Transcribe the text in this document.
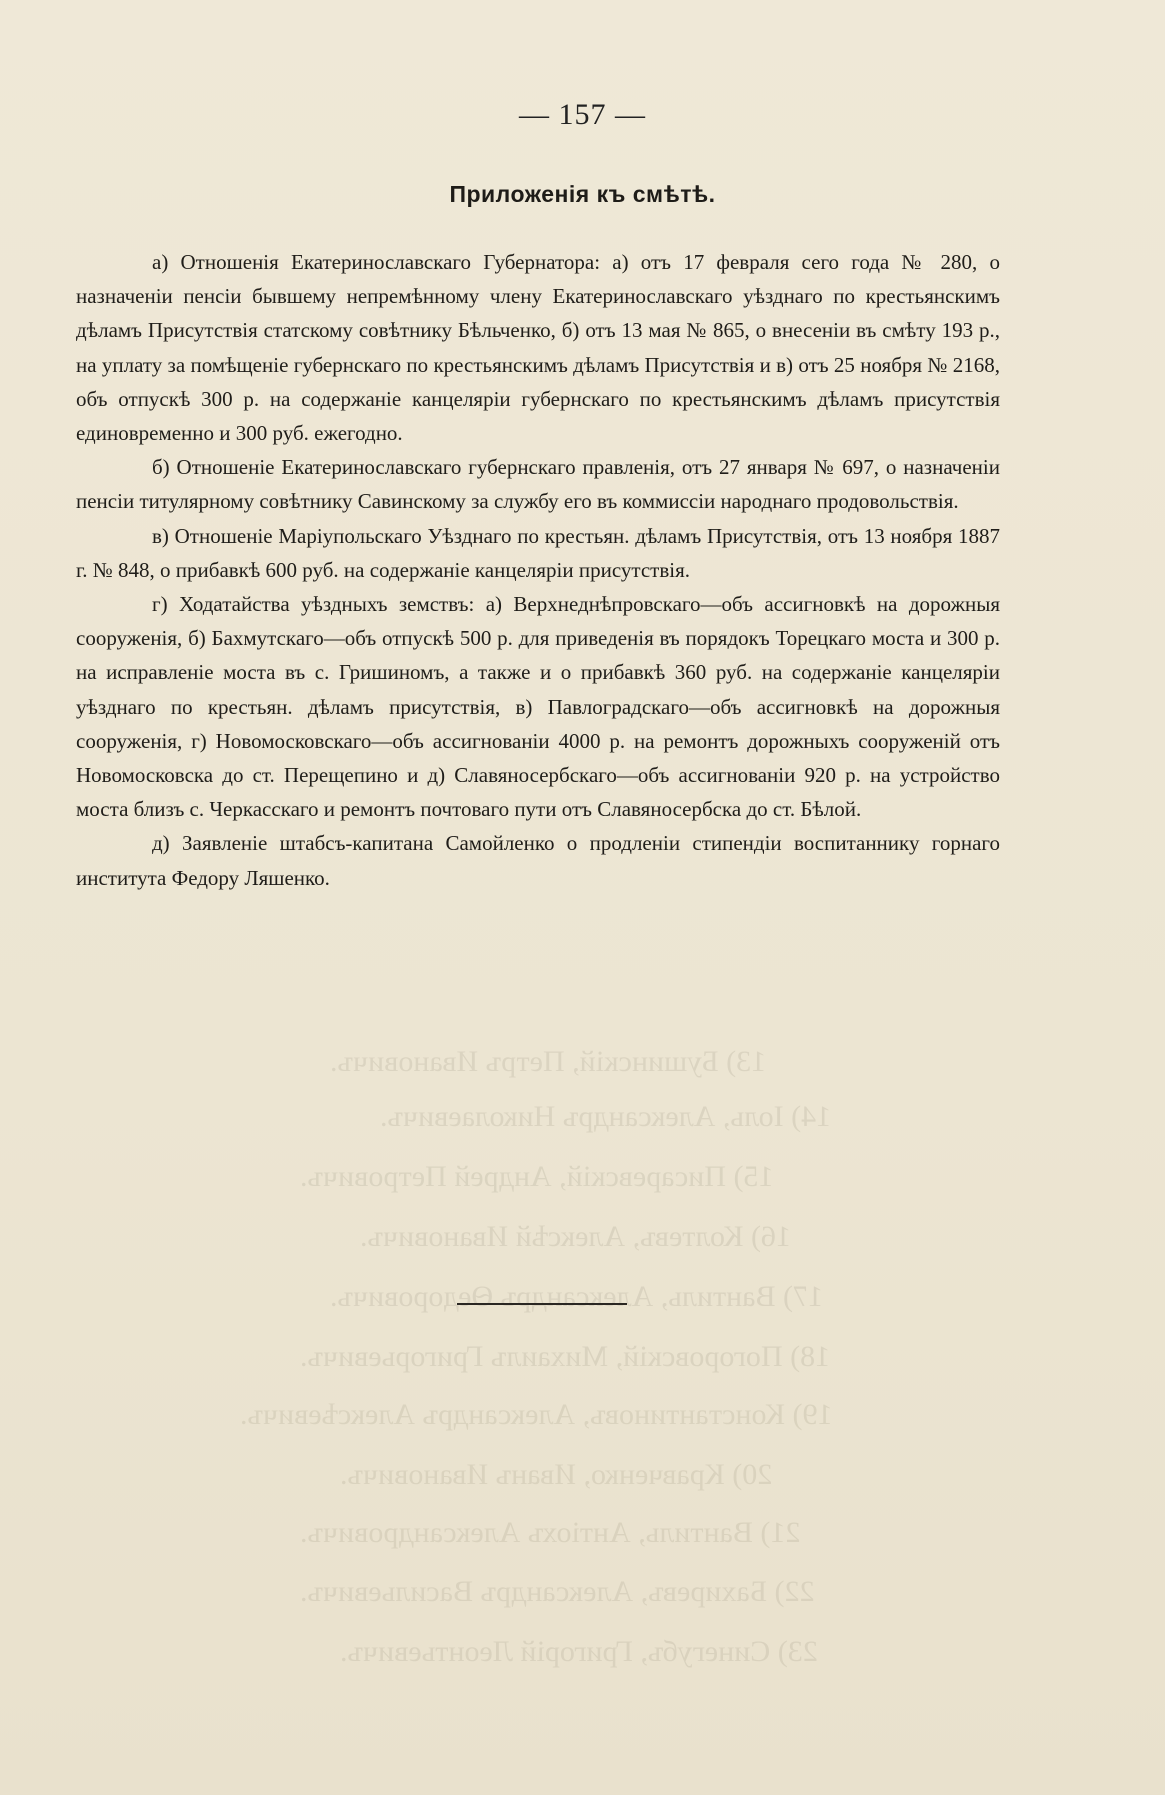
13) Бушинскій, Петръ Ивановичъ.
14) Іоль, Александръ Николаевичъ.
15) Писаревскій, Андрей Петровичъ.
16) Колтевъ, Алексѣй Ивановичъ.
17) Вантиль, Александръ Ѳедоровичъ.
18) Погоровскій, Михаилъ Григорьевичъ.
19) Константиновъ, Александръ Алексѣевичъ.
20) Кравченко, Иванъ Ивановичъ.
21) Вантиль, Антіохъ Александровичъ.
22) Бахиревъ, Александръ Васильевичъ.
23) Синегубъ, Григорій Леонтьевичъ.
— 157 —
Приложенія къ смѣтѣ.

а) Отношенія Екатеринославскаго Губернатора: а) отъ 17 февраля сего года № 280, о назначеніи пенсіи бывшему непремѣнному члену Екатеринославскаго уѣзднаго по крестьянскимъ дѣламъ Присутствія статскому совѣтнику Бѣльченко, б) отъ 13 мая № 865, о внесеніи въ смѣту 193 р., на уплату за помѣщеніе губернскаго по крестьянскимъ дѣламъ Присутствія и в) отъ 25 ноября № 2168, объ отпускѣ 300 р. на содержаніе канцеляріи губернскаго по крестьянскимъ дѣламъ присутствія единовременно и 300 руб. ежегодно.

б) Отношеніе Екатеринославскаго губернскаго правленія, отъ 27 января № 697, о назначеніи пенсіи титулярному совѣтнику Савинскому за службу его въ коммиссіи народнаго продовольствія.

в) Отношеніе Маріупольскаго Уѣзднаго по крестьян. дѣламъ Присутствія, отъ 13 ноября 1887 г. № 848, о прибавкѣ 600 руб. на содержаніе канцеляріи присутствія.

г) Ходатайства уѣздныхъ земствъ: а) Верхнеднѣпровскаго—объ ассигновкѣ на дорожныя сооруженія, б) Бахмутскаго—объ отпускѣ 500 р. для приведенія въ порядокъ Торецкаго моста и 300 р. на исправленіе моста въ с. Гришиномъ, а также и о прибавкѣ 360 руб. на содержаніе канцеляріи уѣзднаго по крестьян. дѣламъ присутствія, в) Павлоградскаго—объ ассигновкѣ на дорожныя сооруженія, г) Новомосковскаго—объ ассигнованіи 4000 р. на ремонтъ дорожныхъ сооруженій отъ Новомосковска до ст. Перещепино и д) Славяносербскаго—объ ассигнованіи 920 р. на устройство моста близъ с. Черкасскаго и ремонтъ почтоваго пути отъ Славяносербска до ст. Бѣлой.

д) Заявленіе штабсъ-капитана Самойленко о продленіи стипендіи воспитаннику горнаго института Федору Ляшенко.
